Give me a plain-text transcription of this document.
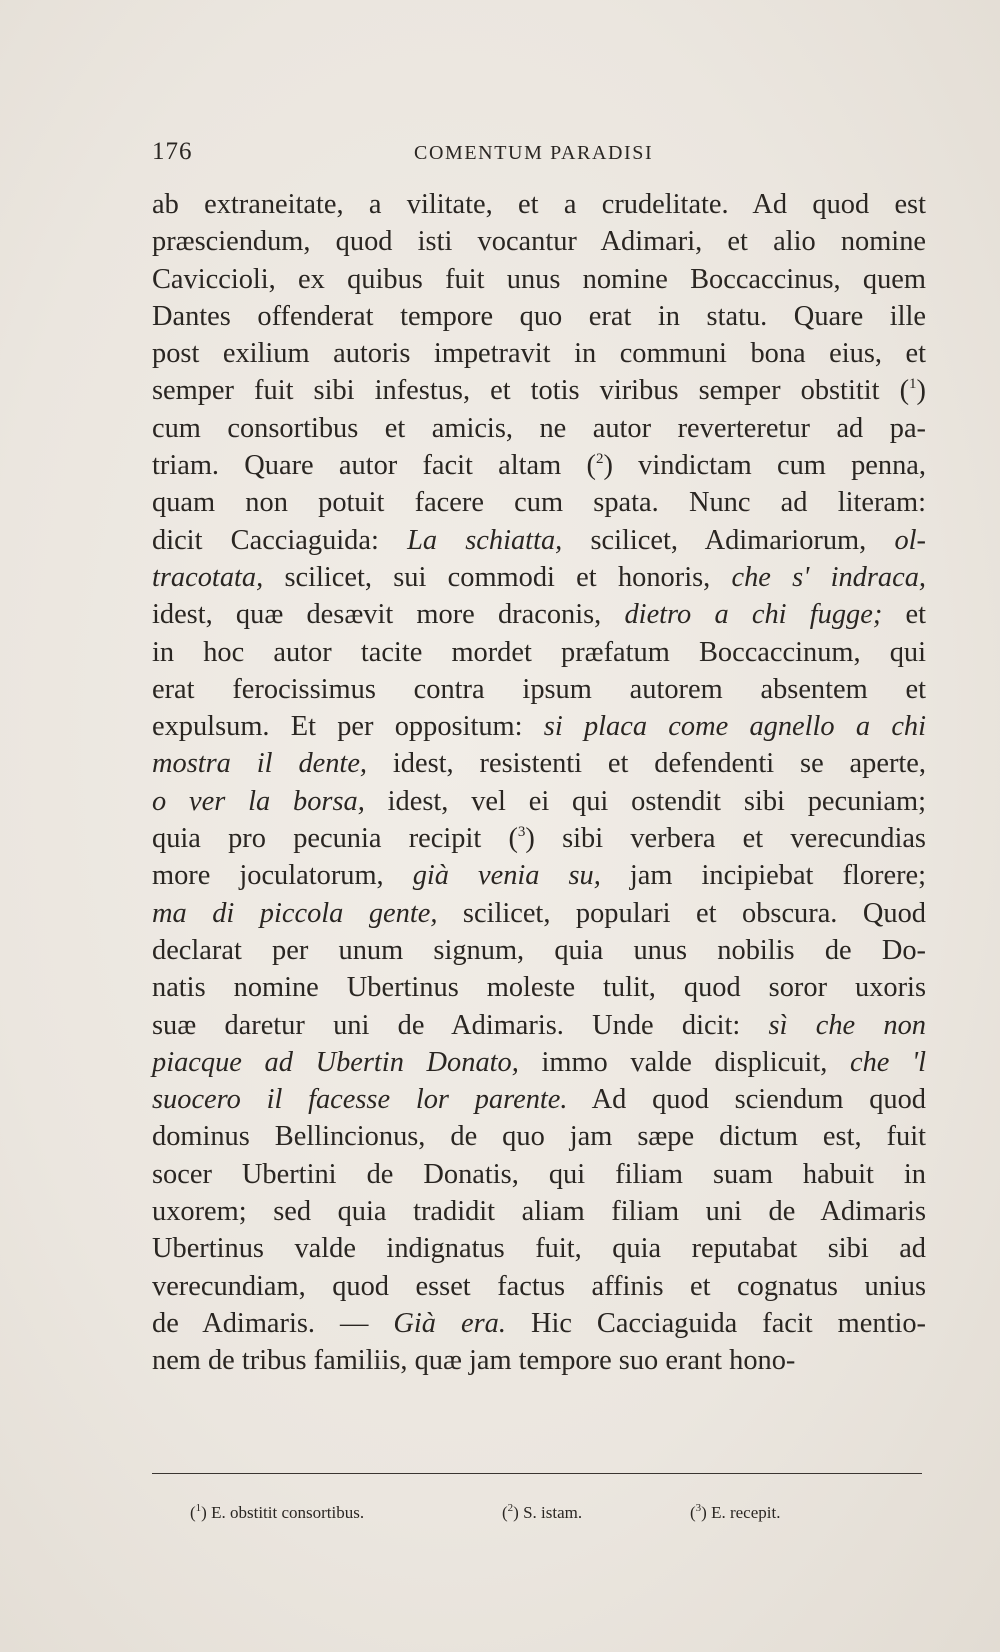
176	COMENTUM PARADISI
ab extraneitate, a vilitate, et a crudelitate. Ad quod est
præsciendum, quod isti vocantur Adimari, et alio nomine
Caviccioli, ex quibus fuit unus nomine Boccaccinus, quem
Dantes offenderat tempore quo erat in statu. Quare ille
post exilium autoris impetravit in communi bona eius, et
semper fuit sibi infestus, et totis viribus semper obstitit ($^1$)
cum consortibus et amicis, ne autor reverteretur ad pa-
triam. Quare autor facit altam ($^2$) vindictam cum penna,
quam non potuit facere cum spata. Nunc ad literam:
dicit Cacciaguida: La schiatta, scilicet, Adimariorum, ol-
tracotata, scilicet, sui commodi et honoris, che s' indraca,
idest, quæ desævit more draconis, dietro a chi fugge; et
in hoc autor tacite mordet præfatum Boccaccinum, qui
erat ferocissimus contra ipsum autorem absentem et
expulsum. Et per oppositum: si placa come agnello a chi
mostra il dente, idest, resistenti et defendenti se aperte,
o ver la borsa, idest, vel ei qui ostendit sibi pecuniam;
quia pro pecunia recipit ($^3$) sibi verbera et verecundias
more joculatorum, già venia su, jam incipiebat florere;
ma di piccola gente, scilicet, populari et obscura. Quod
declarat per unum signum, quia unus nobilis de Do-
natis nomine Ubertinus moleste tulit, quod soror uxoris
suæ daretur uni de Adimaris. Unde dicit: sì che non
piacque ad Ubertin Donato, immo valde displicuit, che 'l
suocero il facesse lor parente. Ad quod sciendum quod
dominus Bellincionus, de quo jam sæpe dictum est, fuit
socer Ubertini de Donatis, qui filiam suam habuit in
uxorem; sed quia tradidit aliam filiam uni de Adimaris
Ubertinus valde indignatus fuit, quia reputabat sibi ad
verecundiam, quod esset factus affinis et cognatus unius
de Adimaris. — Già era. Hic Cacciaguida facit mentio-
nem de tribus familiis, quæ jam tempore suo erant hono-
($^1$) E. obstitit consortibus.	($^2$) S. istam.	($^3$) E. recepit.
